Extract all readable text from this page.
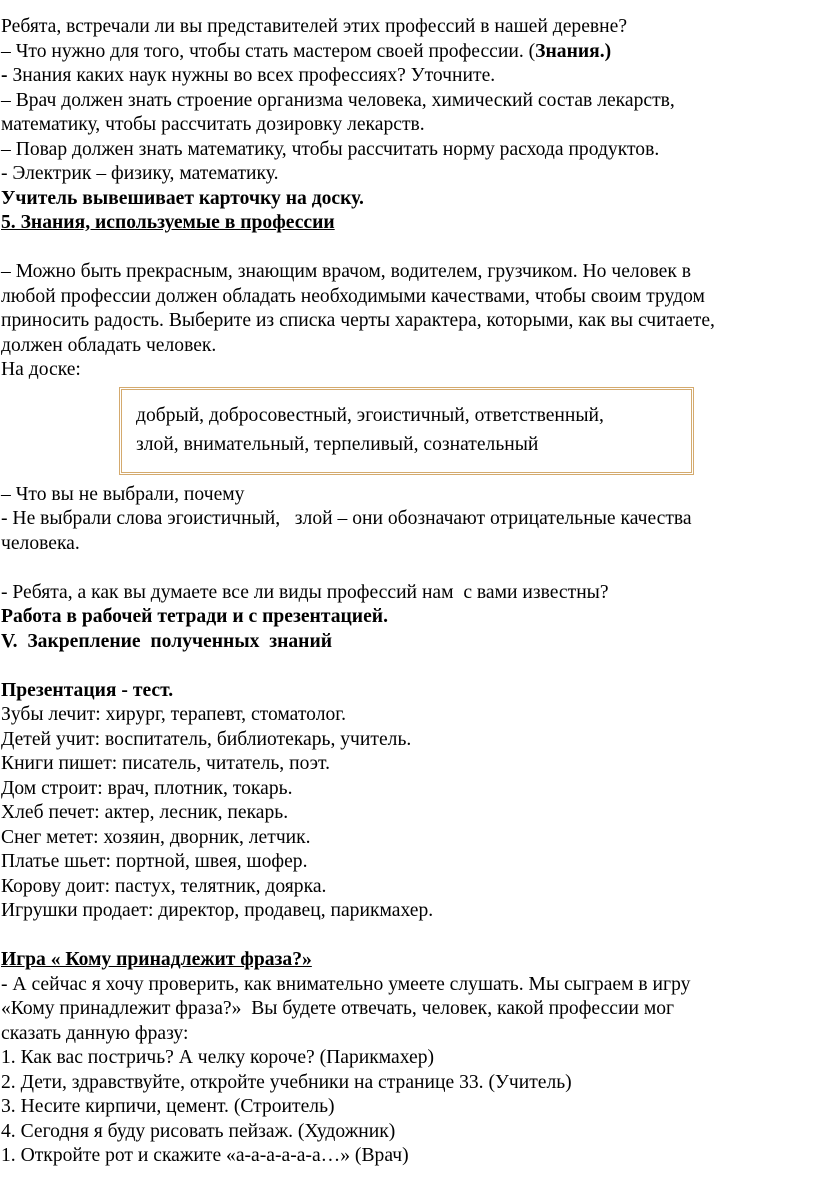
Ребята, встречали ли вы представителей этих профессий в нашей деревне?

– Что нужно для того, чтобы стать мастером своей профессии. (Знания.)

- Знания каких наук нужны во всех профессиях? Уточните.

– Врач должен знать строение организма человека, химический состав лекарств,

математику, чтобы рассчитать дозировку лекарств.

– Повар должен знать математику, чтобы рассчитать норму расхода продуктов.

- Электрик – физику, математику.

Учитель вывешивает карточку на доску.

5. Знания, используемые в профессии

– Можно быть прекрасным, знающим врачом, водителем, грузчиком. Но человек в

любой профессии должен обладать необходимыми качествами, чтобы своим трудом

приносить радость. Выберите из списка черты характера, которыми, как вы считаете,

должен обладать человек.

На доске:

добрый, добросовестный, эгоистичный, ответственный,

злой, внимательный, терпеливый, сознательный

– Что вы не выбрали, почему

- Не выбрали слова эгоистичный,   злой – они обозначают отрицательные качества

человека.

- Ребята, а как вы думаете все ли виды профессий нам  с вами известны?

Работа в рабочей тетради и с презентацией.

V.  Закрепление  полученных  знаний

Презентация - тест.

Зубы лечит: хирург, терапевт, стоматолог.

Детей учит: воспитатель, библиотекарь, учитель.

Книги пишет: писатель, читатель, поэт.

Дом строит: врач, плотник, токарь.

Хлеб печет: актер, лесник, пекарь.

Снег метет: хозяин, дворник, летчик.

Платье шьет: портной, швея, шофер.

Корову доит: пастух, телятник, доярка.

Игрушки продает: директор, продавец, парикмахер.

Игра « Кому принадлежит фраза?»

- А сейчас я хочу проверить, как внимательно умеете слушать. Мы сыграем в игру

«Кому принадлежит фраза?»  Вы будете отвечать, человек, какой профессии мог

сказать данную фразу:

1. Как вас постричь? А челку короче? (Парикмахер)

2. Дети, здравствуйте, откройте учебники на странице 33. (Учитель)

3. Несите кирпичи, цемент. (Строитель)

4. Сегодня я буду рисовать пейзаж. (Художник)

1. Откройте рот и скажите «а-а-а-а-а-а…» (Врач)
